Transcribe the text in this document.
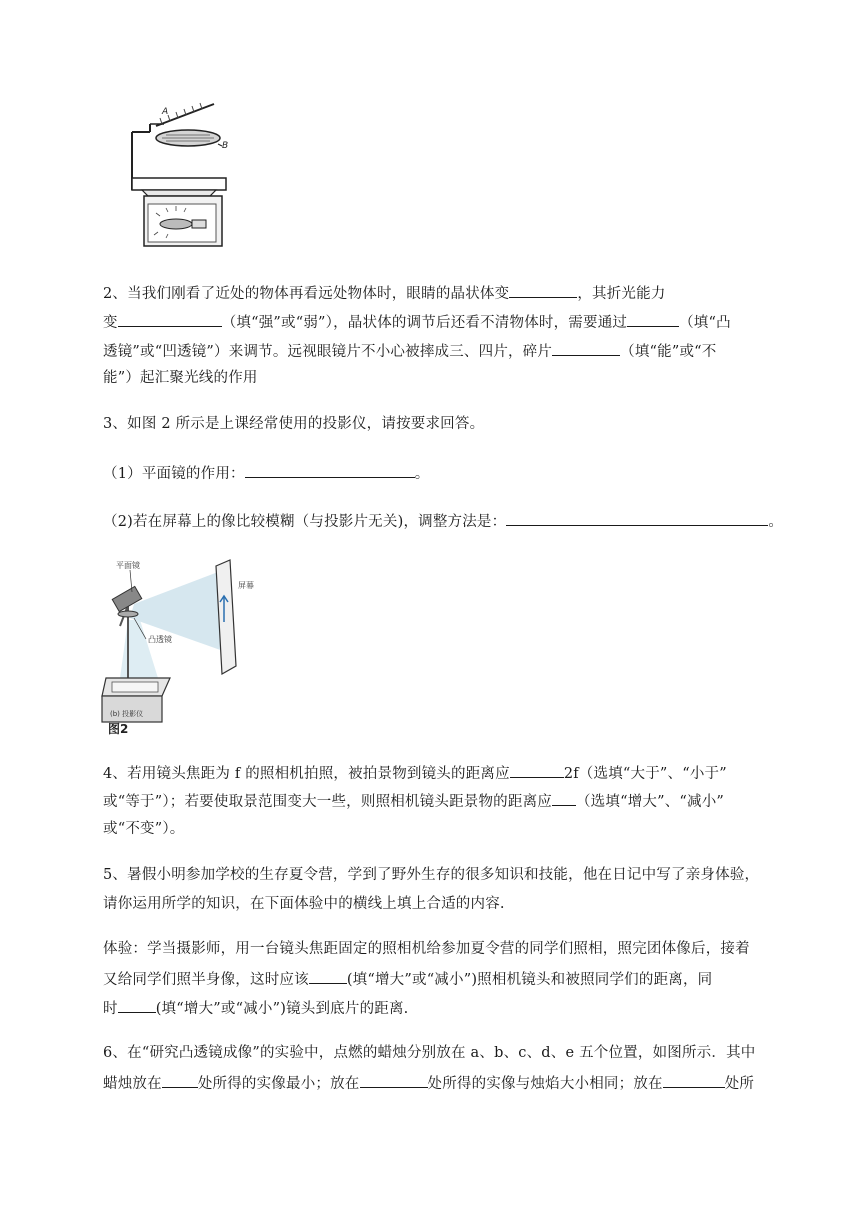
A
B
2、当我们刚看了近处的物体再看远处物体时，眼睛的晶状体变	，其折光能力
变	（填“强”或“弱”），晶状体的调节后还看不清物体时，需要通过	（填“凸
透镜”或“凹透镜”）来调节。远视眼镜片不小心被摔成三、四片，碎片	（填“能”或“不
能”）起汇聚光线的作用
3、如图 2 所示是上课经常使用的投影仪，请按要求回答。
（1）平面镜的作用：	。
（2)若在屏幕上的像比较模糊（与投影片无关)，调整方法是：	。
屏幕
平面镜
凸透镜
(b) 投影仪
图2
4、若用镜头焦距为 f 的照相机拍照，被拍景物到镜头的距离应	2f（选填“大于”、“小于”
或“等于”）；若要使取景范围变大一些，则照相机镜头距景物的距离应 （选填“增大”、“减小”
或“不变”）。
5、暑假小明参加学校的生存夏令营，学到了野外生存的很多知识和技能，他在日记中写了亲身体验，
请你运用所学的知识，在下面体验中的横线上填上合适的内容.
体验：学当摄影师，用一台镜头焦距固定的照相机给参加夏令营的同学们照相，照完团体像后，接着
又给同学们照半身像，这时应该	(填“增大”或“减小”)照相机镜头和被照同学们的距离，同
时	(填“增大”或“减小”)镜头到底片的距离.
6、在“研究凸透镜成像”的实验中，点燃的蜡烛分别放在 a、b、c、d、e 五个位置，如图所示．其中
蜡烛放在 处所得的实像最小；放在	处所得的实像与烛焰大小相同；放在	处所
